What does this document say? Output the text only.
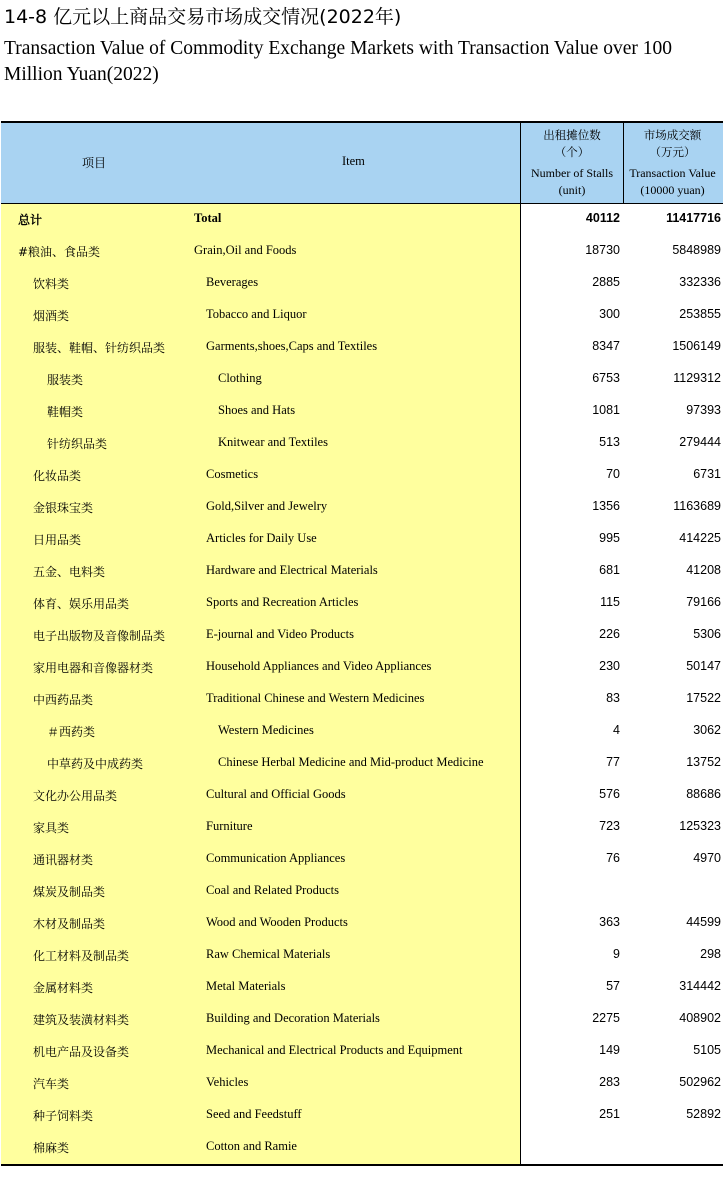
14-8 亿元以上商品交易市场成交情况(2022年)
Transaction Value of Commodity Exchange Markets with Transaction Value over 100 Million Yuan(2022)
项目	Item
出租摊位数
（个）
Number of Stalls
(unit)
市场成交额
（万元）
Transaction Value
(10000 yuan)
总计	Total	40112	11417716
#粮油、食品类	Grain,Oil and Foods	18730	5848989
饮料类	Beverages	2885	332336
烟酒类	Tobacco and Liquor	300	253855
服装、鞋帽、针纺织品类	Garments,shoes,Caps and Textiles	8347	1506149
服装类	Clothing	6753	1129312
鞋帽类	Shoes and Hats	1081	97393
针纺织品类	Knitwear and Textiles	513	279444
化妆品类	Cosmetics	70	6731
金银珠宝类	Gold,Silver and Jewelry	1356	1163689
日用品类	Articles for Daily Use	995	414225
五金、电料类	Hardware and Electrical Materials	681	41208
体育、娱乐用品类	Sports and Recreation Articles	115	79166
电子出版物及音像制品类	E-journal and Video Products	226	5306
家用电器和音像器材类	Household Appliances and Video Appliances	230	50147
中西药品类	Traditional Chinese and Western Medicines	83	17522
＃西药类	Western Medicines	4	3062
中草药及中成药类	Chinese Herbal Medicine and Mid-product Medicine	77	13752
文化办公用品类	Cultural and Official Goods	576	88686
家具类	Furniture	723	125323
通讯器材类	Communication Appliances	76	4970
煤炭及制品类	Coal and Related Products
木材及制品类	Wood and Wooden Products	363	44599
化工材料及制品类	Raw Chemical Materials	9	298
金属材料类	Metal Materials	57	314442
建筑及装潢材料类	Building and Decoration Materials	2275	408902
机电产品及设备类	Mechanical and Electrical Products and Equipment	149	5105
汽车类	Vehicles	283	502962
种子饲料类	Seed and Feedstuff	251	52892
棉麻类	Cotton and Ramie
